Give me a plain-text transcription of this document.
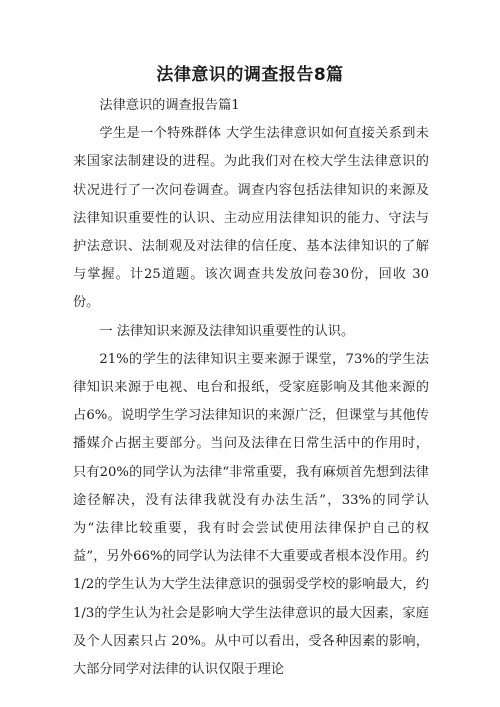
法律意识的调查报告8篇

法律意识的调查报告篇1

学生是一个特殊群体 大学生法律意识如何直接关系到未来国家法制建设的进程。为此我们对在校大学生法律意识的状况进行了一次问卷调查。调查内容包括法律知识的来源及法律知识重要性的认识、主动应用法律知识的能力、守法与护法意识、法制观及对法律的信任度、基本法律知识的了解与掌握。计25道题。该次调查共发放问卷30份，回收 30份。

一 法律知识来源及法律知识重要性的认识。

21%的学生的法律知识主要来源于课堂，73%的学生法律知识来源于电视、电台和报纸，受家庭影响及其他来源的占6%。说明学生学习法律知识的来源广泛，但课堂与其他传播媒介占据主要部分。当问及法律在日常生活中的作用时，只有20%的同学认为法律“非常重要，我有麻烦首先想到法律途径解决，没有法律我就没有办法生活”，33%的同学认为“法律比较重要，我有时会尝试使用法律保护自己的权益”，另外66%的同学认为法律不大重要或者根本没作用。约1/2的学生认为大学生法律意识的强弱受学校的影响最大，约1/3的学生认为社会是影响大学生法律意识的最大因素，家庭及个人因素只占 20%。从中可以看出，受各种因素的影响，大部分同学对法律的认识仅限于理论
